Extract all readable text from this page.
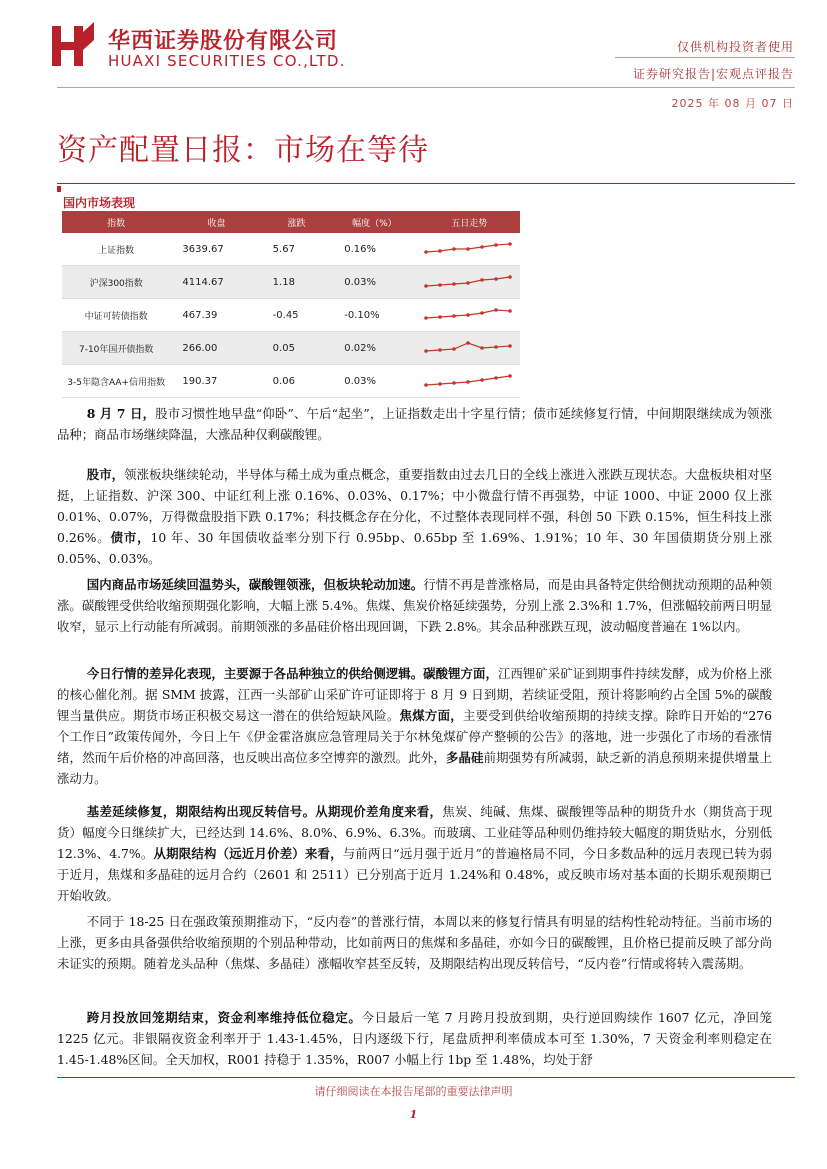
华西证券股份有限公司
HUAXI SECURITIES CO.,LTD.
仅供机构投资者使用
证券研究报告|宏观点评报告
2025 年 08 月 07 日
资产配置日报：市场在等待
国内市场表现
指数	收盘	涨跌	幅度（%）	五日走势
上证指数	3639.67	5.67	0.16%	
沪深300指数	4114.67	1.18	0.03%	
中证可转债指数	467.39	-0.45	-0.10%	
7-10年国开债指数	266.00	0.05	0.02%	
3-5年隐含AA+信用指数	190.37	0.06	0.03%	

8 月 7 日，股市习惯性地早盘“仰卧”、午后“起坐”，上证指数走出十字星行情；债市延续修复行情，中间期限继续成为领涨品种；商品市场继续降温，大涨品种仅剩碳酸锂。

股市，领涨板块继续轮动，半导体与稀土成为重点概念，重要指数由过去几日的全线上涨进入涨跌互现状态。大盘板块相对坚挺，上证指数、沪深 300、中证红利上涨 0.16%、0.03%、0.17%；中小微盘行情不再强势，中证 1000、中证 2000 仅上涨 0.01%、0.07%，万得微盘股指下跌 0.17%；科技概念存在分化，不过整体表现同样不强，科创 50 下跌 0.15%，恒生科技上涨 0.26%。债市，10 年、30 年国债收益率分别下行 0.95bp、0.65bp 至 1.69%、1.91%；10 年、30 年国债期货分别上涨 0.05%、0.03%。

国内商品市场延续回温势头，碳酸锂领涨，但板块轮动加速。行情不再是普涨格局，而是由具备特定供给侧扰动预期的品种领涨。碳酸锂受供给收缩预期强化影响，大幅上涨 5.4%。焦煤、焦炭价格延续强势，分别上涨 2.3%和 1.7%，但涨幅较前两日明显收窄，显示上行动能有所减弱。前期领涨的多晶硅价格出现回调，下跌 2.8%。其余品种涨跌互现，波动幅度普遍在 1%以内。

今日行情的差异化表现，主要源于各品种独立的供给侧逻辑。碳酸锂方面，江西锂矿采矿证到期事件持续发酵，成为价格上涨的核心催化剂。据 SMM 披露，江西一头部矿山采矿许可证即将于 8 月 9 日到期，若续证受阻，预计将影响约占全国 5%的碳酸锂当量供应。期货市场正积极交易这一潜在的供给短缺风险。焦煤方面，主要受到供给收缩预期的持续支撑。除昨日开始的“276 个工作日”政策传闻外，今日上午《伊金霍洛旗应急管理局关于尔林兔煤矿停产整顿的公告》的落地，进一步强化了市场的看涨情绪，然而午后价格的冲高回落，也反映出高位多空博弈的激烈。此外，多晶硅前期强势有所减弱，缺乏新的消息预期来提供增量上涨动力。

基差延续修复，期限结构出现反转信号。从期现价差角度来看，焦炭、纯碱、焦煤、碳酸锂等品种的期货升水（期货高于现货）幅度今日继续扩大，已经达到 14.6%、8.0%、6.9%、6.3%。而玻璃、工业硅等品种则仍维持较大幅度的期货贴水，分别低 12.3%、4.7%。从期限结构（远近月价差）来看，与前两日“远月强于近月”的普遍格局不同，今日多数品种的远月表现已转为弱于近月，焦煤和多晶硅的远月合约（2601 和 2511）已分别高于近月 1.24%和 0.48%，或反映市场对基本面的长期乐观预期已开始收敛。

不同于 18-25 日在强政策预期推动下，“反内卷”的普涨行情，本周以来的修复行情具有明显的结构性轮动特征。当前市场的上涨，更多由具备强供给收缩预期的个别品种带动，比如前两日的焦煤和多晶硅，亦如今日的碳酸锂，且价格已提前反映了部分尚未证实的预期。随着龙头品种（焦煤、多晶硅）涨幅收窄甚至反转，及期限结构出现反转信号，“反内卷”行情或将转入震荡期。

跨月投放回笼期结束，资金利率维持低位稳定。今日最后一笔 7 月跨月投放到期，央行逆回购续作 1607 亿元，净回笼 1225 亿元。非银隔夜资金利率开于 1.43-1.45%，日内逐级下行，尾盘质押利率债成本可至 1.30%，7 天资金利率则稳定在 1.45-1.48%区间。全天加权，R001 持稳于 1.35%，R007 小幅上行 1bp 至 1.48%，均处于舒

请仔细阅读在本报告尾部的重要法律声明
1
